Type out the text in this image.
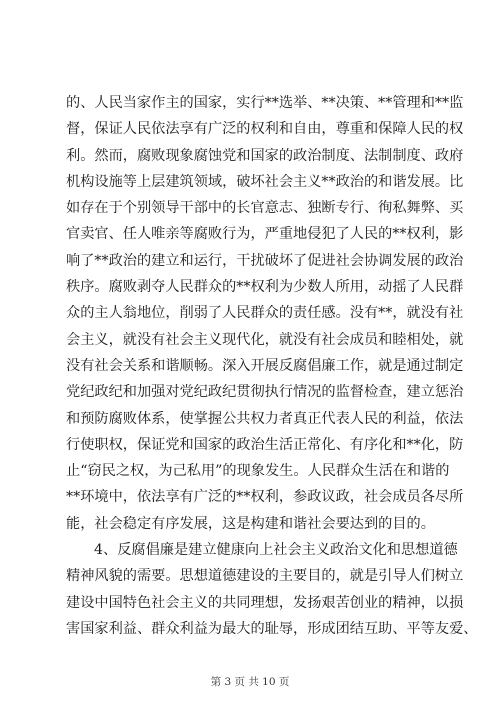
的、人民当家作主的国家，实行**选举、**决策、**管理和**监
督，保证人民依法享有广泛的权利和自由，尊重和保障人民的权
利。然而，腐败现象腐蚀党和国家的政治制度、法制制度、政府
机构设施等上层建筑领域，破坏社会主义**政治的和谐发展。比
如存在于个别领导干部中的长官意志、独断专行、徇私舞弊、买
官卖官、任人唯亲等腐败行为，严重地侵犯了人民的**权利，影
响了**政治的建立和运行，干扰破坏了促进社会协调发展的政治
秩序。腐败剥夺人民群众的**权利为少数人所用，动摇了人民群
众的主人翁地位，削弱了人民群众的责任感。没有**，就没有社
会主义，就没有社会主义现代化，就没有社会成员和睦相处，就
没有社会关系和谐顺畅。深入开展反腐倡廉工作，就是通过制定
党纪政纪和加强对党纪政纪贯彻执行情况的监督检查，建立惩治
和预防腐败体系，使掌握公共权力者真正代表人民的利益，依法
行使职权，保证党和国家的政治生活正常化、有序化和**化，防
止“窃民之权，为己私用”的现象发生。人民群众生活在和谐的
**环境中，依法享有广泛的**权利，参政议政，社会成员各尽所
能，社会稳定有序发展，这是构建和谐社会要达到的目的。
4、反腐倡廉是建立健康向上社会主义政治文化和思想道德
精神风貌的需要。思想道德建设的主要目的，就是引导人们树立
建设中国特色社会主义的共同理想，发扬艰苦创业的精神，以损
害国家利益、群众利益为最大的耻辱，形成团结互助、平等友爱、
第 3 页 共 10 页
